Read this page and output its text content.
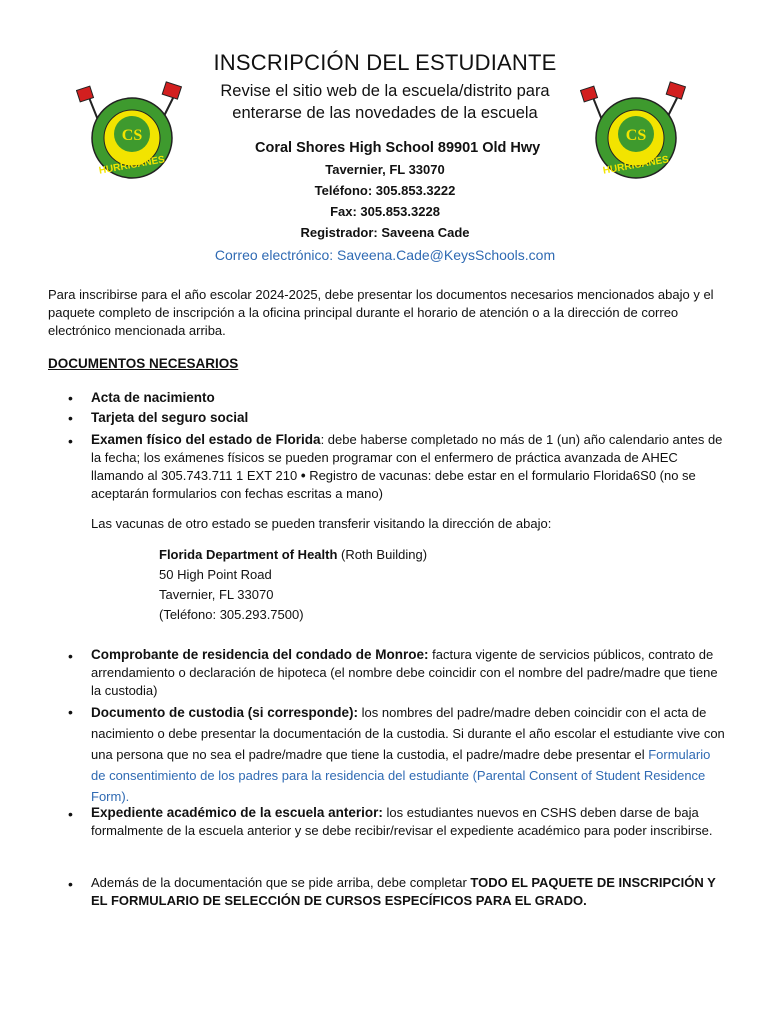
CS
HURRICANES
CS
HURRICANES
INSCRIPCIÓN DEL ESTUDIANTE
Revise el sitio web de la escuela/distrito para
enterarse de las novedades de la escuela
Coral Shores High School 89901 Old Hwy
Tavernier, FL 33070
Teléfono: 305.853.3222
Fax: 305.853.3228
Registrador: Saveena Cade
Correo electrónico: Saveena.Cade@KeysSchools.com
Para inscribirse para el año escolar 2024-2025, debe presentar los documentos necesarios mencionados abajo y el paquete completo de inscripción a la oficina principal durante el horario de atención o a la dirección de correo electrónico mencionada arriba.
DOCUMENTOS NECESARIOS
• Acta de nacimiento
• Tarjeta del seguro social
• Examen físico del estado de Florida: debe haberse completado no más de 1 (un) año calendario antes de la fecha; los exámenes físicos se pueden programar con el enfermero de práctica avanzada de AHEC llamando al 305.743.711 1 EXT 210 • Registro de vacunas: debe estar en el formulario Florida6S0 (no se aceptarán formularios con fechas escritas a mano)
Las vacunas de otro estado se pueden transferir visitando la dirección de abajo:
Florida Department of Health (Roth Building)
50 High Point Road
Tavernier, FL 33070
(Teléfono: 305.293.7500)
• Comprobante de residencia del condado de Monroe: factura vigente de servicios públicos, contrato de arrendamiento o declaración de hipoteca (el nombre debe coincidir con el nombre del padre/madre que tiene la custodia)
• Documento de custodia (si corresponde): los nombres del padre/madre deben coincidir con el acta de nacimiento o debe presentar la documentación de la custodia. Si durante el año escolar el estudiante vive con una persona que no sea el padre/madre que tiene la custodia, el padre/madre debe presentar el Formulario de consentimiento de los padres para la residencia del estudiante (Parental Consent of Student Residence Form).
• Expediente académico de la escuela anterior: los estudiantes nuevos en CSHS deben darse de baja formalmente de la escuela anterior y se debe recibir/revisar el expediente académico para poder inscribirse.
• Además de la documentación que se pide arriba, debe completar TODO EL PAQUETE DE INSCRIPCIÓN Y EL FORMULARIO DE SELECCIÓN DE CURSOS ESPECÍFICOS PARA EL GRADO.
